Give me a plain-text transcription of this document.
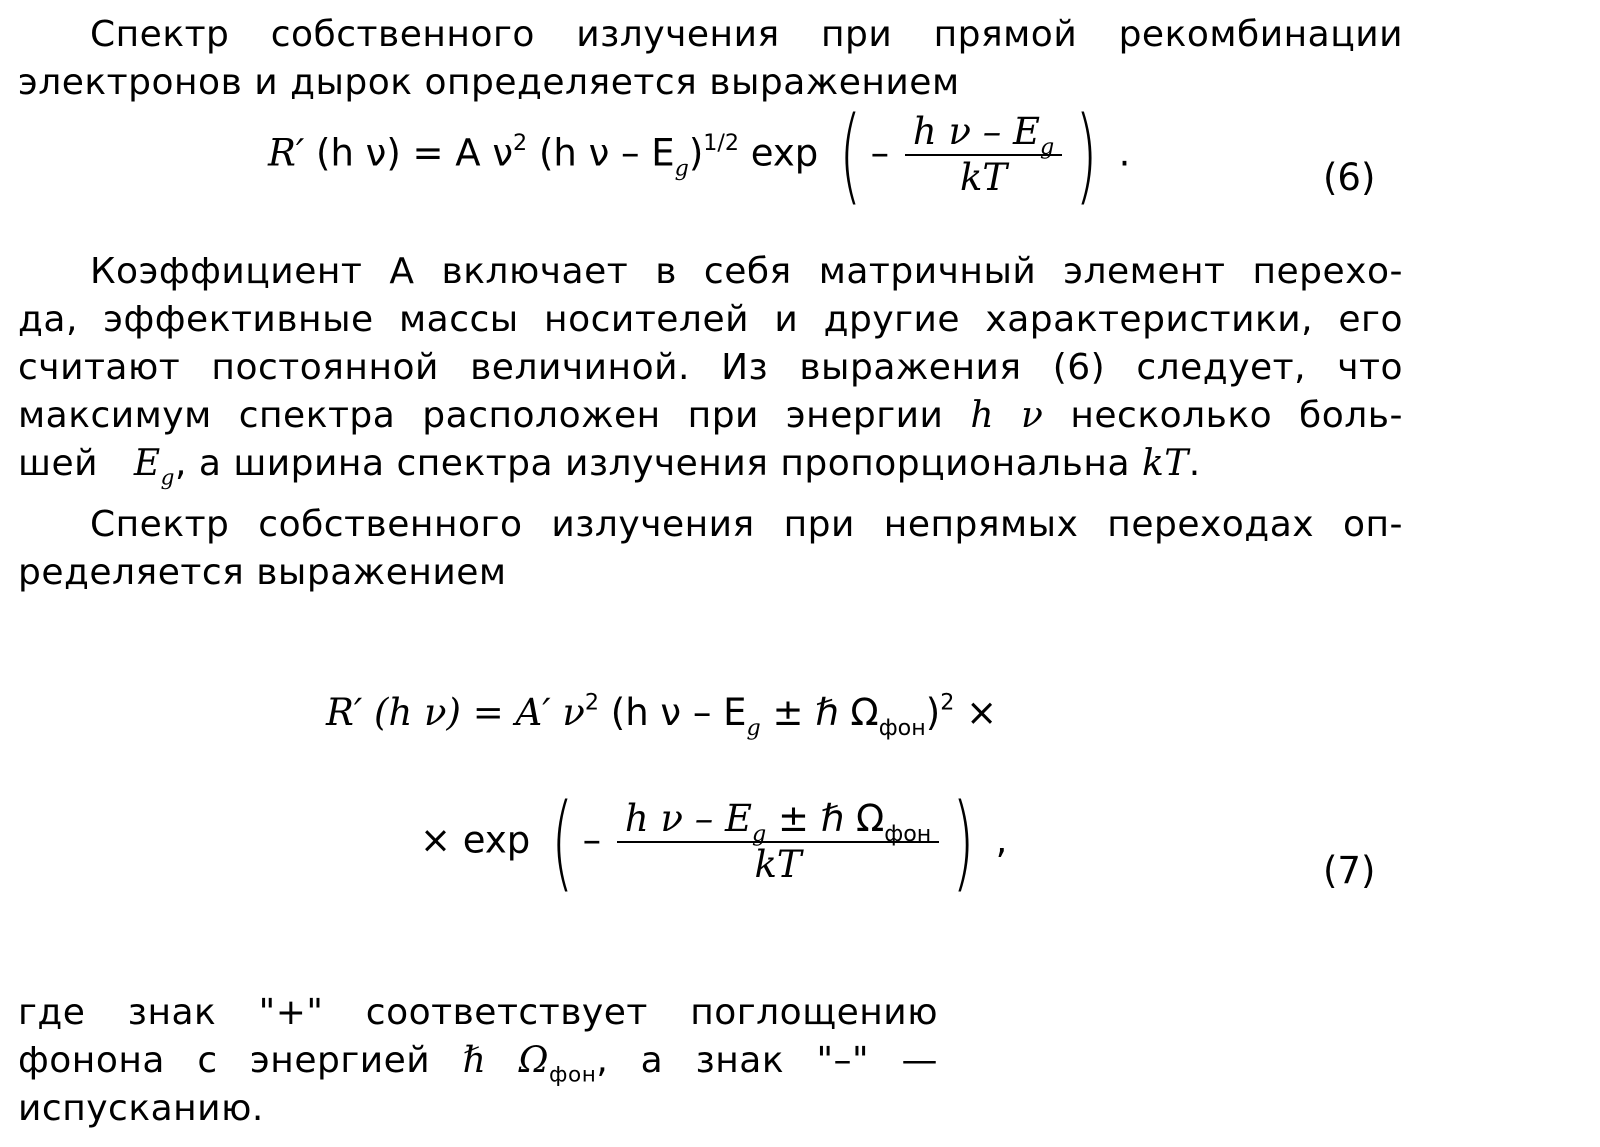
Спектр собственного излучения при прямой рекомбинации
электронов и дырок определяется выражением
R′ (h ν) = A $\nu^2$ (h ν – $E_g)^{1/2}$ exp ( – $\frac{h \nu - E_g}{kT}$ ) .
(6)
Коэффициент A включает в себя матричный элемент перехо-
да, эффективные массы носителей и другие характеристики, его
считают постоянной величиной. Из выражения (6) следует, что
максимум спектра расположен при энергии h ν несколько боль-
шей $E_g$, а ширина спектра излучения пропорциональна kT.
Спектр собственного излучения при непрямых переходах оп-
ределяется выражением
R′ (h ν) = A′ $\nu^2$ (h ν – $E_g$ ± ℏ $\Omega_{фон})^2$ ×
× exp ( – $\frac{h \nu - E_g \pm \hbar \Omega_{фон}}{kT}$ ) ,
(7)
где знак "+" соответствует поглощению
фонона с энергией ℏ $\Omega_{фон}$, а знак "–" —
испусканию.
